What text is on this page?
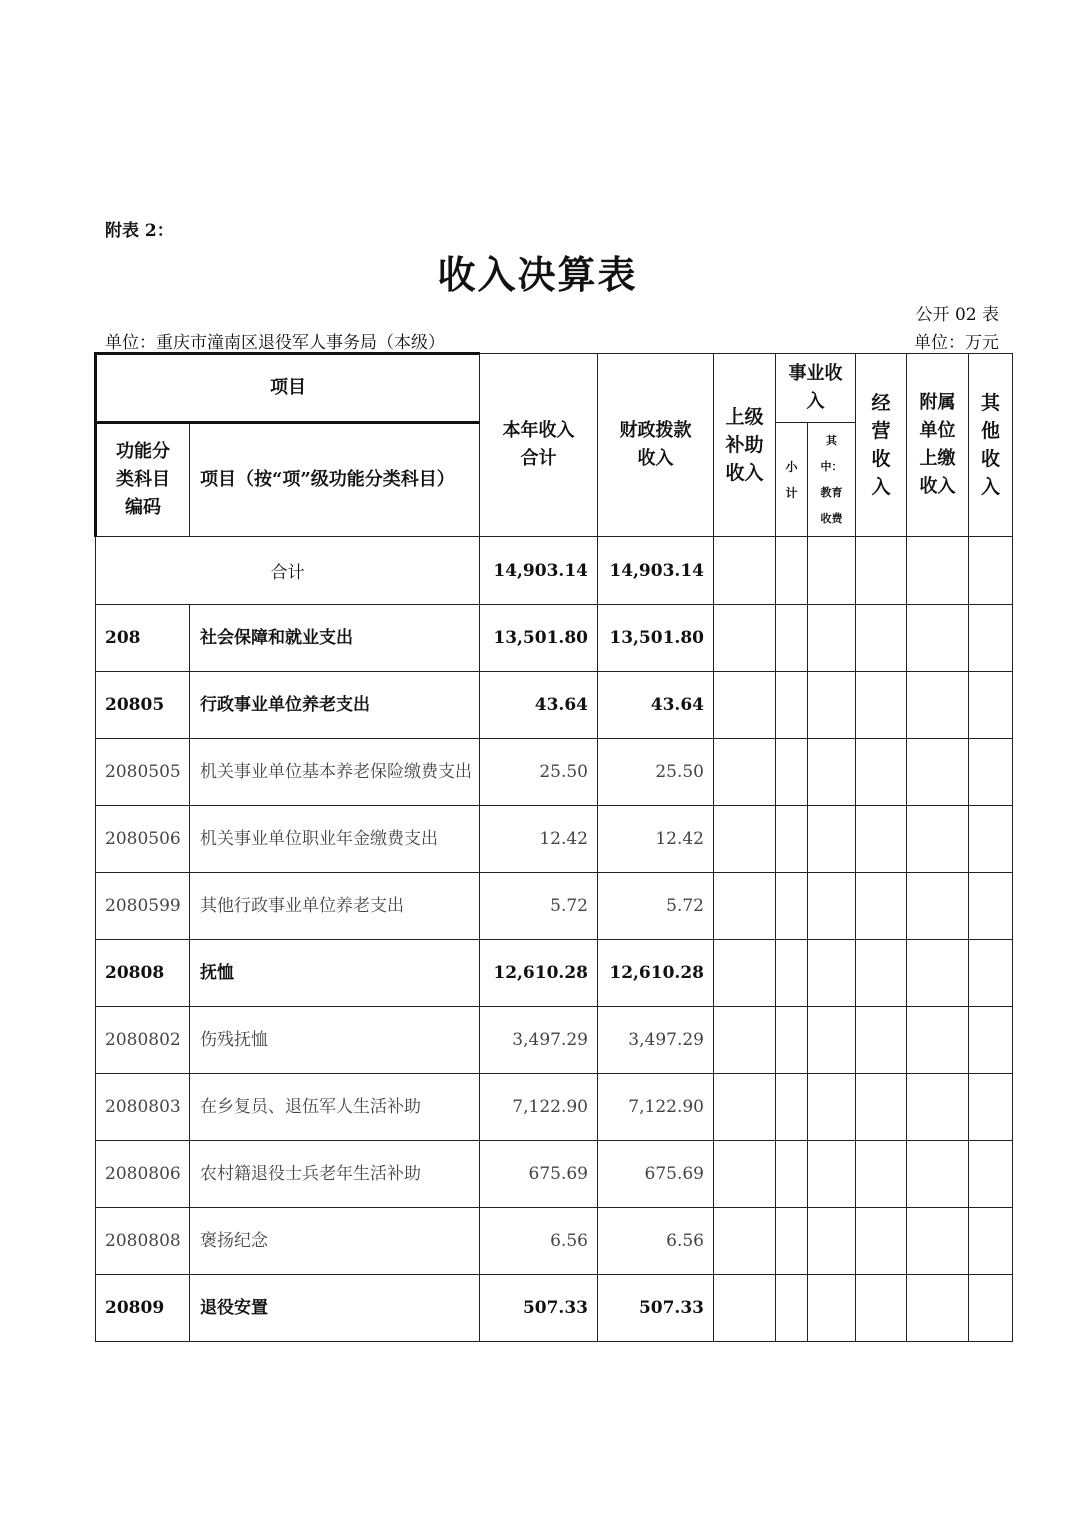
附表 2：
收入决算表
公开 02 表
单位：重庆市潼南区退役军人事务局（本级）	单位：万元
项目		本年收入合计	财政拨款收入	上级补助收入	事业收入		经营收入	附属单位上缴收入	其他收入
功能分类科目编码	项目（按“项”级功能分类科目）				小计	其中：教育收费			
合计		14,903.14	14,903.14						
208	社会保障和就业支出	13,501.80	13,501.80						
20805	行政事业单位养老支出	43.64	43.64						
2080505	机关事业单位基本养老保险缴费支出	25.50	25.50						
2080506	机关事业单位职业年金缴费支出	12.42	12.42						
2080599	其他行政事业单位养老支出	5.72	5.72						
20808	抚恤	12,610.28	12,610.28						
2080802	伤残抚恤	3,497.29	3,497.29						
2080803	在乡复员、退伍军人生活补助	7,122.90	7,122.90						
2080806	农村籍退役士兵老年生活补助	675.69	675.69						
2080808	褒扬纪念	6.56	6.56						
20809	退役安置	507.33	507.33						
